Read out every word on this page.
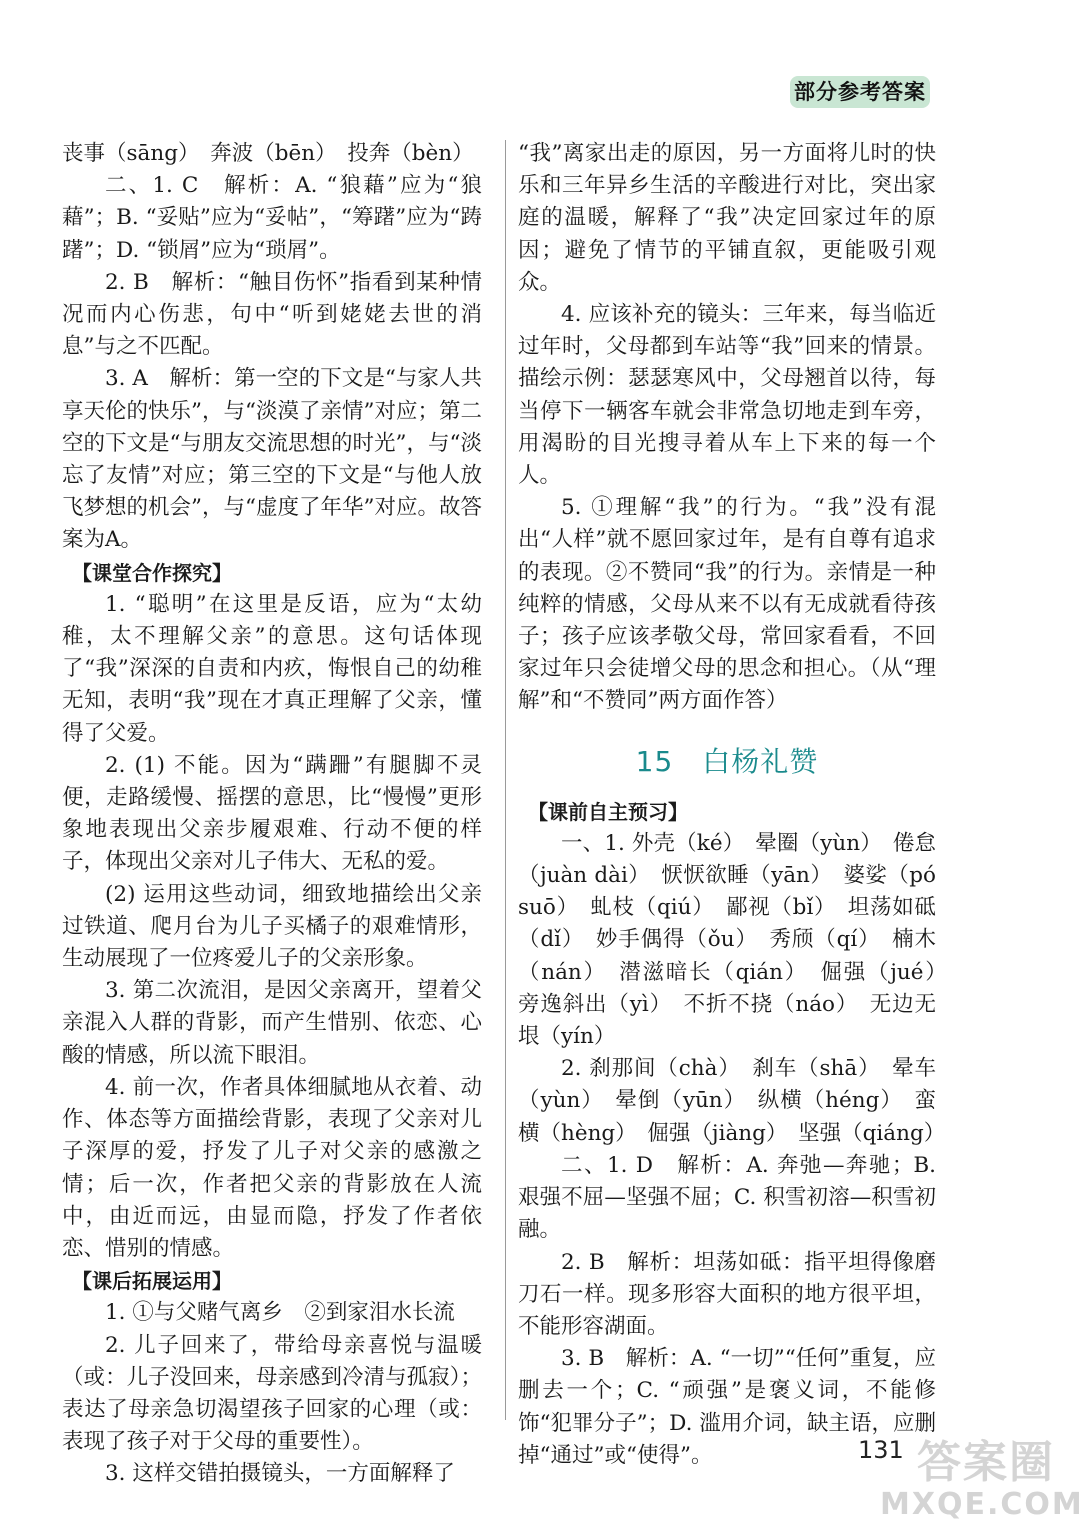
部分参考答案

丧事（sāng）　奔波（bēn）　投奔（bèn）

二、1. C　解析：A. “狼藉”应为“狼藉”；B. “妥贴”应为“妥帖”，“筹躇”应为“踌躇”；D. “锁屑”应为“琐屑”。

2. B　解析：“触目伤怀”指看到某种情况而内心伤悲，句中“听到姥姥去世的消息”与之不匹配。

3. A　解析：第一空的下文是“与家人共享天伦的快乐”，与“淡漠了亲情”对应；第二空的下文是“与朋友交流思想的时光”，与“淡忘了友情”对应；第三空的下文是“与他人放飞梦想的机会”，与“虚度了年华”对应。故答案为A。

【课堂合作探究】

1. “聪明”在这里是反语，应为“太幼稚，太不理解父亲”的意思。这句话体现了“我”深深的自责和内疚，悔恨自己的幼稚无知，表明“我”现在才真正理解了父亲，懂得了父爱。

2. (1) 不能。因为“蹒跚”有腿脚不灵便，走路缓慢、摇摆的意思，比“慢慢”更形象地表现出父亲步履艰难、行动不便的样子，体现出父亲对儿子伟大、无私的爱。

(2) 运用这些动词，细致地描绘出父亲过铁道、爬月台为儿子买橘子的艰难情形，生动展现了一位疼爱儿子的父亲形象。

3. 第二次流泪，是因父亲离开，望着父亲混入人群的背影，而产生惜别、依恋、心酸的情感，所以流下眼泪。

4. 前一次，作者具体细腻地从衣着、动作、体态等方面描绘背影，表现了父亲对儿子深厚的爱，抒发了儿子对父亲的感激之情；后一次，作者把父亲的背影放在人流中，由近而远，由显而隐，抒发了作者依恋、惜别的情感。

【课后拓展运用】

1. ①与父赌气离乡　②到家泪水长流

2. 儿子回来了，带给母亲喜悦与温暖（或：儿子没回来，母亲感到冷清与孤寂）；表达了母亲急切渴望孩子回家的心理（或：表现了孩子对于父母的重要性）。

3. 这样交错拍摄镜头，一方面解释了

“我”离家出走的原因，另一方面将儿时的快乐和三年异乡生活的辛酸进行对比，突出家庭的温暖，解释了“我”决定回家过年的原因；避免了情节的平铺直叙，更能吸引观众。

4. 应该补充的镜头：三年来，每当临近过年时，父母都到车站等“我”回来的情景。描绘示例：瑟瑟寒风中，父母翘首以待，每当停下一辆客车就会非常急切地走到车旁，用渴盼的目光搜寻着从车上下来的每一个人。

5. ①理解“我”的行为。“我”没有混出“人样”就不愿回家过年，是有自尊有追求的表现。②不赞同“我”的行为。亲情是一种纯粹的情感，父母从来不以有无成就看待孩子；孩子应该孝敬父母，常回家看看，不回家过年只会徒增父母的思念和担心。（从“理解”和“不赞同”两方面作答）

15　白杨礼赞

【课前自主预习】

一、1. 外壳（ké）　晕圈（yùn）　倦怠（juàn dài）　恹恹欲睡（yān）　婆娑（pó suō）　虬枝（qiú）　鄙视（bǐ）　坦荡如砥（dǐ）　妙手偶得（ǒu）　秀颀（qí）　楠木（nán）　潜滋暗长（qián）　倔强（jué）　旁逸斜出（yì）　不折不挠（náo）　无边无垠（yín）

2. 刹那间（chà）　刹车（shā）　晕车（yùn）　晕倒（yūn）　纵横（héng）　蛮横（hèng）　倔强（jiàng）　坚强（qiáng）

二、1. D　解析：A. 奔弛—奔驰；B. 艰强不屈—坚强不屈；C. 积雪初溶—积雪初融。

2. B　解析：坦荡如砥：指平坦得像磨刀石一样。现多形容大面积的地方很平坦，不能形容湖面。

3. B　解析：A. “一切”“任何”重复，应删去一个；C. “顽强”是褒义词，不能修饰“犯罪分子”；D. 滥用介词，缺主语，应删掉“通过”或“使得”。	131 答案圈
MXQE.COM
